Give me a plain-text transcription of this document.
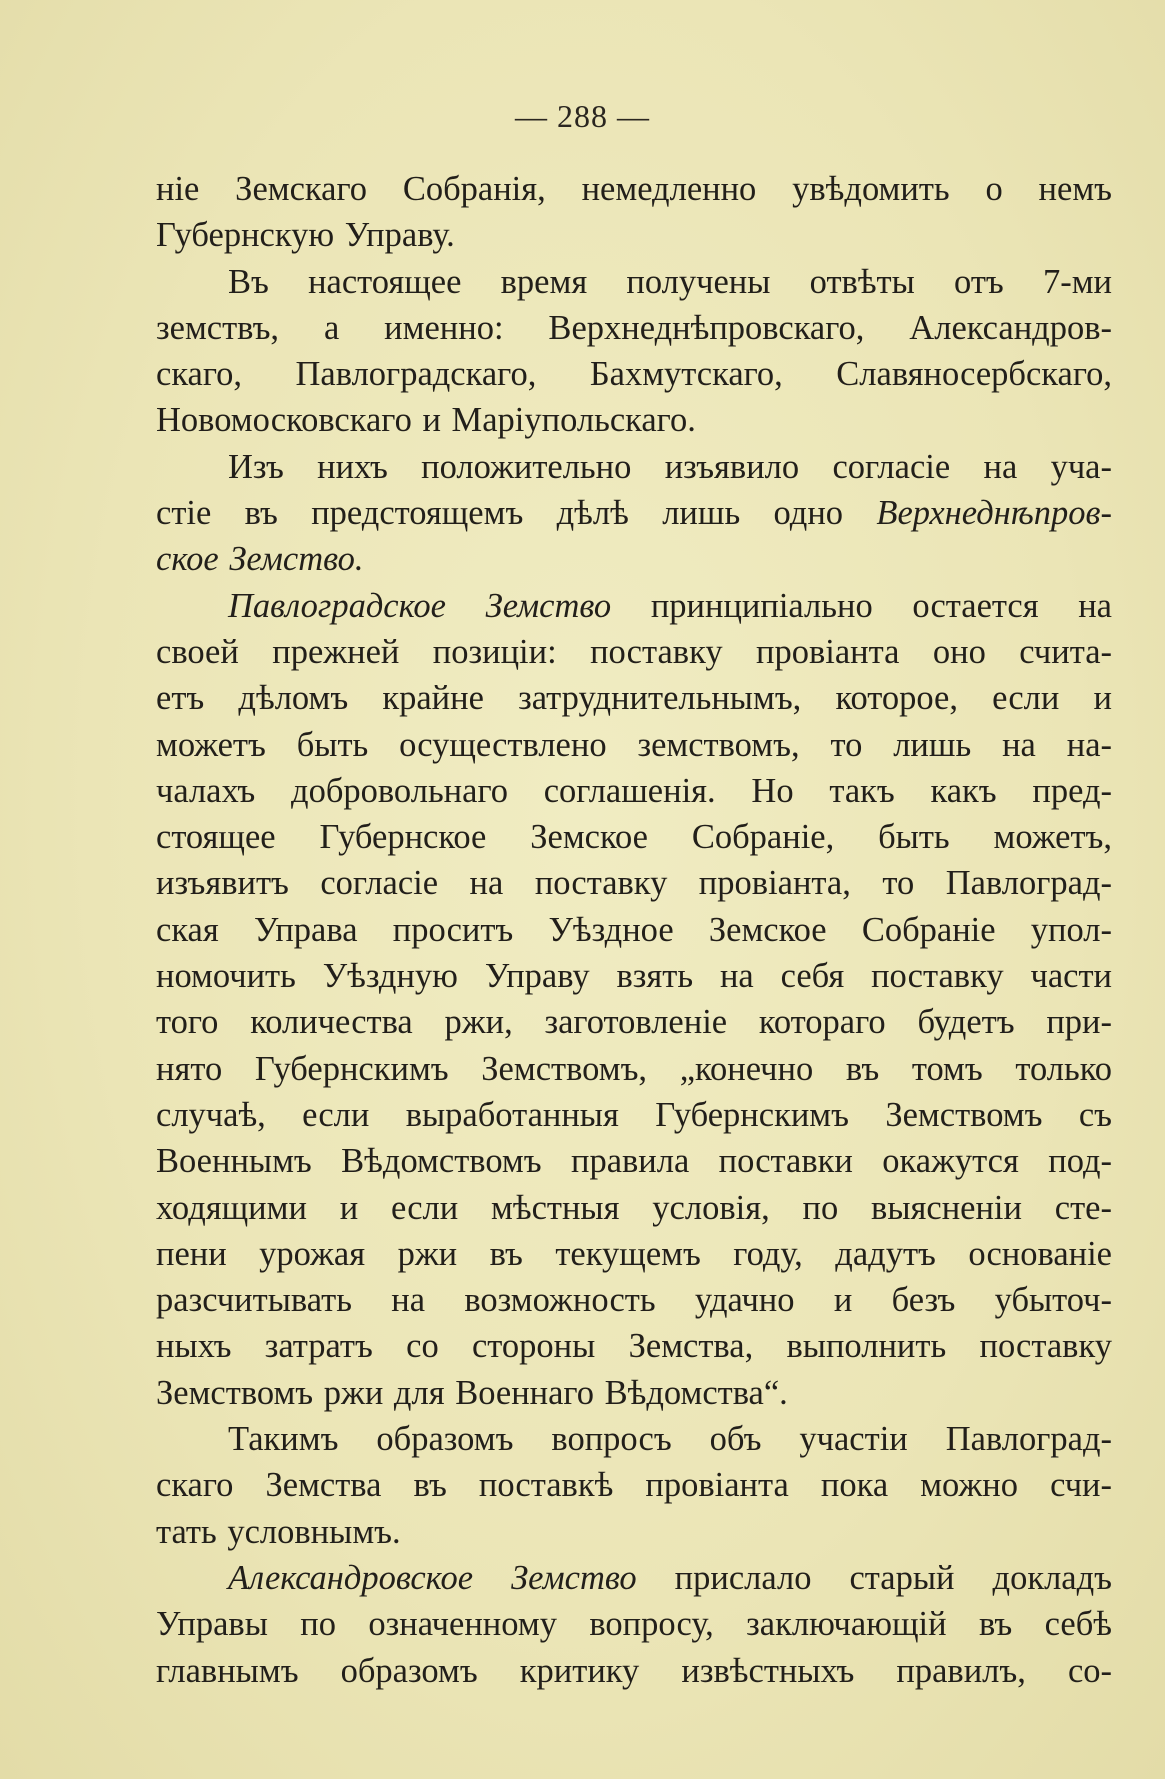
— 288 —
ніе Земскаго Собранія, немедленно увѣдомить о немъ
Губернскую Управу.
Въ настоящее время получены отвѣты отъ 7-ми
земствъ, а именно: Верхнеднѣпровскаго, Александров-
скаго, Павлоградскаго, Бахмутскаго, Славяносербскаго,
Новомосковскаго и Маріупольскаго.
Изъ нихъ положительно изъявило согласіе на уча-
стіе въ предстоящемъ дѣлѣ лишь одно Верхнеднѣпров-
ское Земство.
Павлоградское Земство принципіально остается на
своей прежней позиціи: поставку провіанта оно счита-
етъ дѣломъ крайне затруднительнымъ, которое, если и
можетъ быть осуществлено земствомъ, то лишь на на-
чалахъ добровольнаго соглашенія. Но такъ какъ пред-
стоящее Губернское Земское Собраніе, быть можетъ,
изъявитъ согласіе на поставку провіанта, то Павлоград-
ская Управа проситъ Уѣздное Земское Собраніе упол-
номочить Уѣздную Управу взять на себя поставку части
того количества ржи, заготовленіе котораго будетъ при-
нято Губернскимъ Земствомъ, „конечно въ томъ только
случаѣ, если выработанныя Губернскимъ Земствомъ съ
Военнымъ Вѣдомствомъ правила поставки окажутся под-
ходящими и если мѣстныя условія, по выясненіи сте-
пени урожая ржи въ текущемъ году, дадутъ основаніе
разсчитывать на возможность удачно и безъ убыточ-
ныхъ затратъ со стороны Земства, выполнить поставку
Земствомъ ржи для Военнаго Вѣдомства“.
Такимъ образомъ вопросъ объ участіи Павлоград-
скаго Земства въ поставкѣ провіанта пока можно счи-
тать условнымъ.
Александровское Земство прислало старый докладъ
Управы по означенному вопросу, заключающій въ себѣ
главнымъ образомъ критику извѣстныхъ правилъ, со-
